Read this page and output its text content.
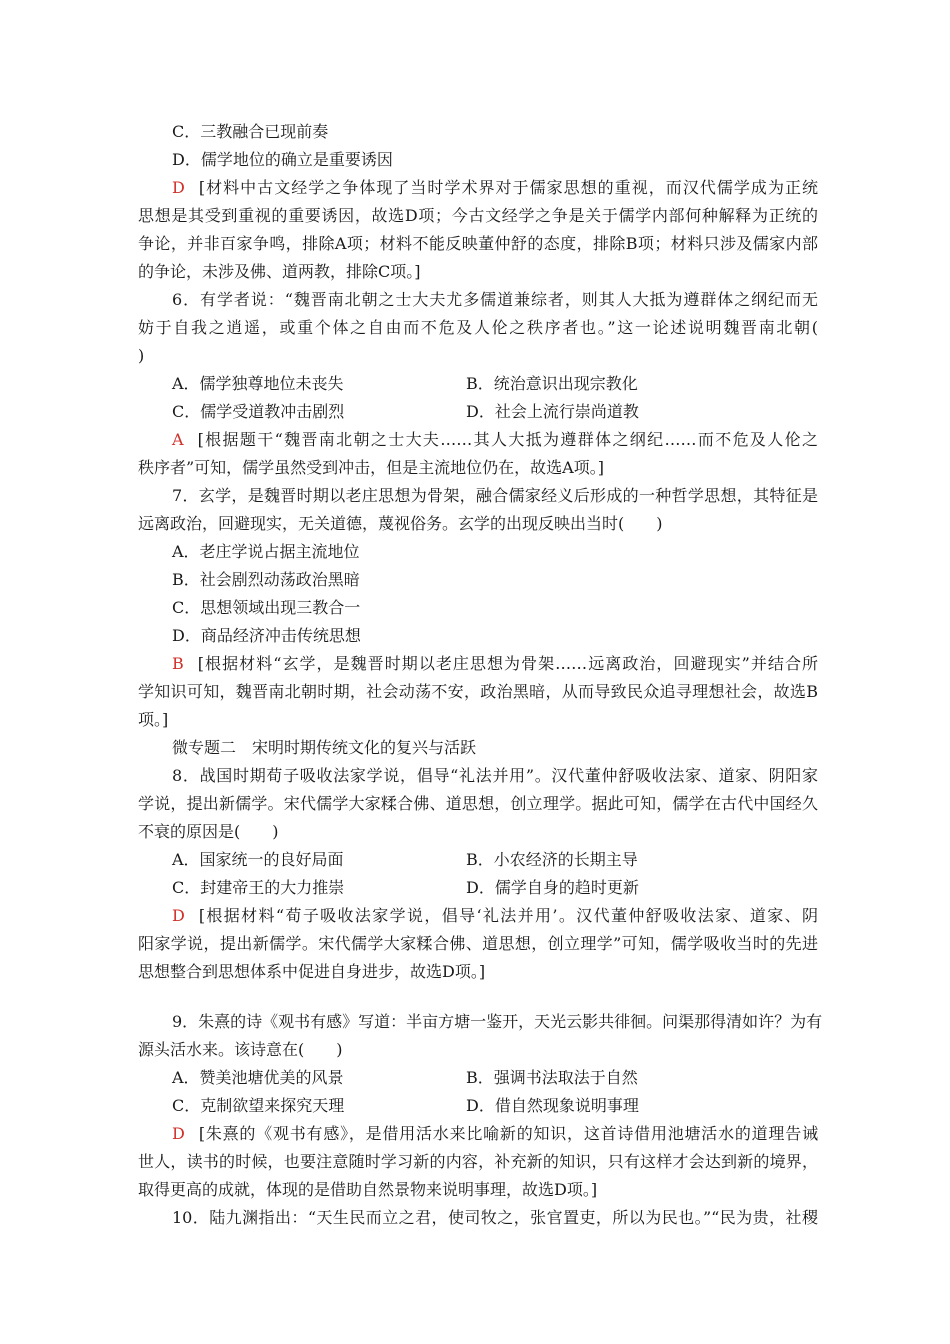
C．三教融合已现前奏
D．儒学地位的确立是重要诱因
D [材料中古文经学之争体现了当时学术界对于儒家思想的重视，而汉代儒学成为正统
思想是其受到重视的重要诱因，故选D项；今古文经学之争是关于儒学内部何种解释为正统的
争论，并非百家争鸣，排除A项；材料不能反映董仲舒的态度，排除B项；材料只涉及儒家内部
的争论，未涉及佛、道两教，排除C项。]
6．有学者说：“魏晋南北朝之士大夫尤多儒道兼综者，则其人大抵为遵群体之纲纪而无
妨于自我之逍遥，或重个体之自由而不危及人伦之秩序者也。”这一论述说明魏晋南北朝(
)
A．儒学独尊地位未丧失	B．统治意识出现宗教化
C．儒学受道教冲击剧烈	D．社会上流行崇尚道教
A [根据题干“魏晋南北朝之士大夫……其人大抵为遵群体之纲纪……而不危及人伦之
秩序者”可知，儒学虽然受到冲击，但是主流地位仍在，故选A项。]
7．玄学，是魏晋时期以老庄思想为骨架，融合儒家经义后形成的一种哲学思想，其特征是
远离政治，回避现实，无关道德，蔑视俗务。玄学的出现反映出当时(　　)
A．老庄学说占据主流地位
B．社会剧烈动荡政治黑暗
C．思想领域出现三教合一
D．商品经济冲击传统思想
B [根据材料“玄学，是魏晋时期以老庄思想为骨架……远离政治，回避现实”并结合所
学知识可知，魏晋南北朝时期，社会动荡不安，政治黑暗，从而导致民众追寻理想社会，故选B
项。]
微专题二　宋明时期传统文化的复兴与活跃
8．战国时期荀子吸收法家学说，倡导“礼法并用”。汉代董仲舒吸收法家、道家、阴阳家
学说，提出新儒学。宋代儒学大家糅合佛、道思想，创立理学。据此可知，儒学在古代中国经久
不衰的原因是(　　)
A．国家统一的良好局面	B．小农经济的长期主导
C．封建帝王的大力推崇	D．儒学自身的趋时更新
D [根据材料“荀子吸收法家学说，倡导‘礼法并用’。汉代董仲舒吸收法家、道家、阴
阳家学说，提出新儒学。宋代儒学大家糅合佛、道思想，创立理学”可知，儒学吸收当时的先进
思想整合到思想体系中促进自身进步，故选D项。]
9．朱熹的诗《观书有感》写道：半亩方塘一鉴开，天光云影共徘徊。问渠那得清如许？为有
源头活水来。该诗意在(　　)
A．赞美池塘优美的风景	B．强调书法取法于自然
C．克制欲望来探究天理	D．借自然现象说明事理
D [朱熹的《观书有感》，是借用活水来比喻新的知识，这首诗借用池塘活水的道理告诫
世人，读书的时候，也要注意随时学习新的内容，补充新的知识，只有这样才会达到新的境界，
取得更高的成就，体现的是借助自然景物来说明事理，故选D项。]
10．陆九渊指出：“天生民而立之君，使司牧之，张官置吏，所以为民也。”“民为贵，社稷
